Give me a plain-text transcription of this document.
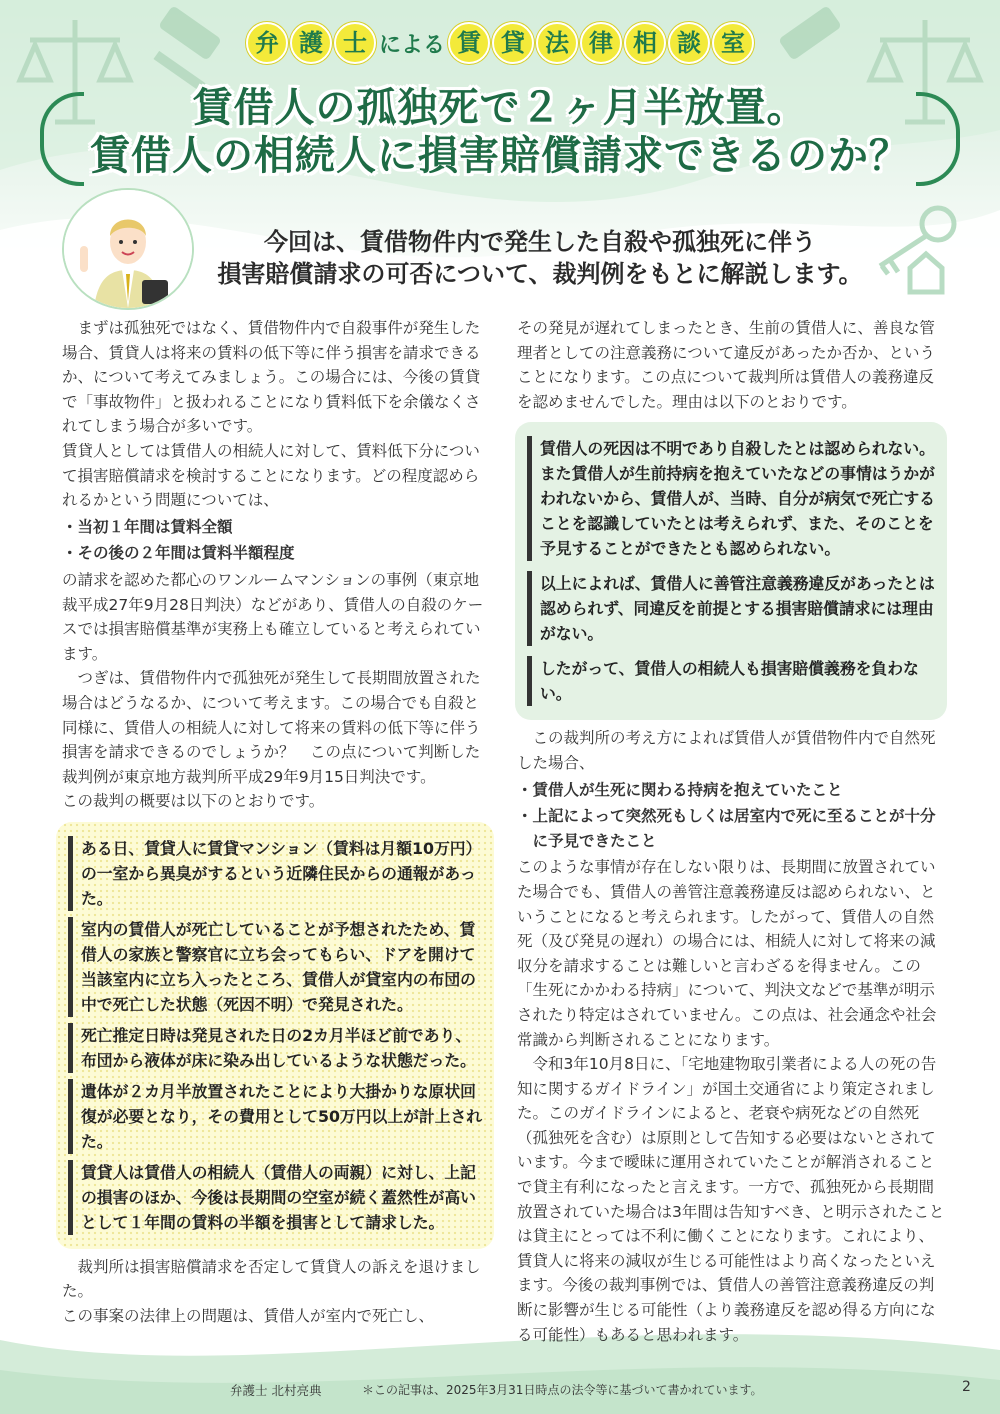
弁 護 士 による 賃 貸 法 律 相 談 室
賃借人の孤独死で２ヶ月半放置。
賃借人の相続人に損害賠償請求できるのか？
今回は、賃借物件内で発生した自殺や孤独死に伴う
損害賠償請求の可否について、裁判例をもとに解説します。

まずは孤独死ではなく、賃借物件内で自殺事件が発生した場合、賃貸人は将来の賃料の低下等に伴う損害を請求できるか、について考えてみましょう。この場合には、今後の賃貸で「事故物件」と扱われることになり賃料低下を余儀なくされてしまう場合が多いです。

賃貸人としては賃借人の相続人に対して、賃料低下分について損害賠償請求を検討することになります。どの程度認められるかという問題については、

・当初１年間は賃料全額

・その後の２年間は賃料半額程度

の請求を認めた都心のワンルームマンションの事例（東京地裁平成27年9月28日判決）などがあり、賃借人の自殺のケースでは損害賠償基準が実務上も確立していると考えられています。

つぎは、賃借物件内で孤独死が発生して長期間放置された場合はどうなるか、について考えます。この場合でも自殺と同様に、賃借人の相続人に対して将来の賃料の低下等に伴う損害を請求できるのでしょうか？　この点について判断した裁判例が東京地方裁判所平成29年9月15日判決です。

この裁判の概要は以下のとおりです。

ある日、賃貸人に賃貸マンション（賃料は月額10万円）の一室から異臭がするという近隣住民からの通報があった。
室内の賃借人が死亡していることが予想されたため、賃借人の家族と警察官に立ち会ってもらい、ドアを開けて当該室内に立ち入ったところ、賃借人が貸室内の布団の中で死亡した状態（死因不明）で発見された。
死亡推定日時は発見された日の2カ月半ほど前であり、布団から液体が床に染み出しているような状態だった。
遺体が２カ月半放置されたことにより大掛かりな原状回復が必要となり，その費用として50万円以上が計上された。
賃貸人は賃借人の相続人（賃借人の両親）に対し、上記の損害のほか、今後は長期間の空室が続く蓋然性が高いとして１年間の賃料の半額を損害として請求した。

裁判所は損害賠償請求を否定して賃貸人の訴えを退けました。

この事案の法律上の問題は、賃借人が室内で死亡し、

その発見が遅れてしまったとき、生前の賃借人に、善良な管理者としての注意義務について違反があったか否か、ということになります。この点について裁判所は賃借人の義務違反を認めませんでした。理由は以下のとおりです。

賃借人の死因は不明であり自殺したとは認められない。また賃借人が生前持病を抱えていたなどの事情はうかがわれないから、賃借人が、当時、自分が病気で死亡することを認識していたとは考えられず、また、そのことを予見することができたとも認められない。
以上によれば、賃借人に善管注意義務違反があったとは認められず、同違反を前提とする損害賠償請求には理由がない。
したがって、賃借人の相続人も損害賠償義務を負わない。

この裁判所の考え方によれば賃借人が賃借物件内で自然死した場合、

・賃借人が生死に関わる持病を抱えていたこと

・上記によって突然死もしくは居室内で死に至ることが十分に予見できたこと

このような事情が存在しない限りは、長期間に放置されていた場合でも、賃借人の善管注意義務違反は認められない、ということになると考えられます。したがって、賃借人の自然死（及び発見の遅れ）の場合には、相続人に対して将来の減収分を請求することは難しいと言わざるを得ません。この「生死にかかわる持病」について、判決文などで基準が明示されたり特定はされていません。この点は、社会通念や社会常識から判断されることになります。

令和3年10月8日に、「宅地建物取引業者による人の死の告知に関するガイドライン」が国土交通省により策定されました。このガイドラインによると、老衰や病死などの自然死（孤独死を含む）は原則として告知する必要はないとされています。今まで曖昧に運用されていたことが解消されることで貸主有利になったと言えます。一方で、孤独死から長期間放置されていた場合は3年間は告知すべき、と明示されたことは貸主にとっては不利に働くことになります。これにより、賃貸人に将来の減収が生じる可能性はより高くなったといえます。今後の裁判事例では、賃借人の善管注意義務違反の判断に影響が生じる可能性（より義務違反を認め得る方向になる可能性）もあると思われます。

弁護士 北村亮典	＊この記事は、2025年3月31日時点の法令等に基づいて書かれています。	2
